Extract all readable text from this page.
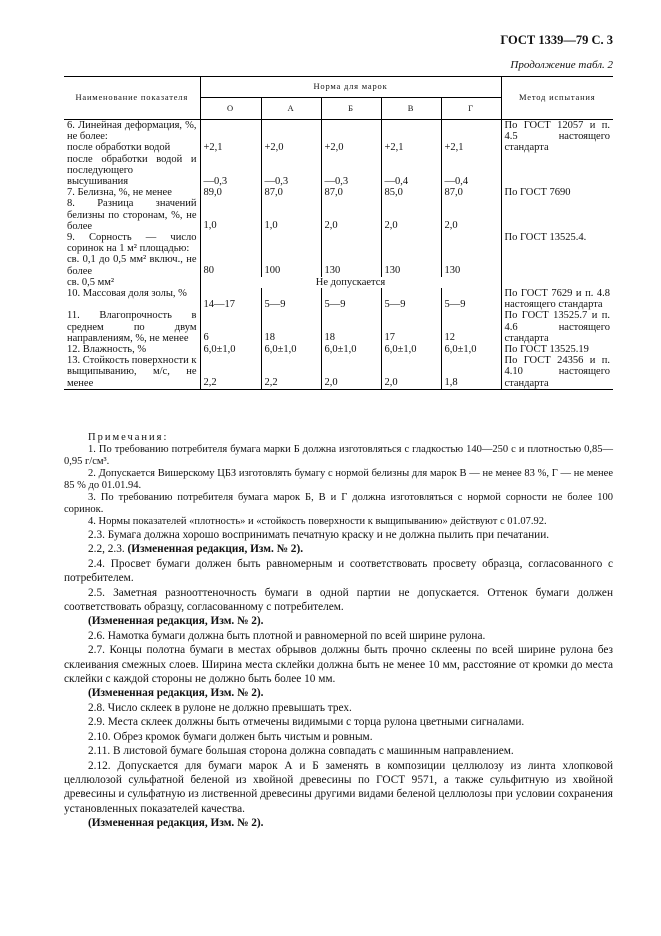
ГОСТ 1339—79 С. 3
Продолжение табл. 2
Наименование показателя	Норма для марок					Метод испытания
	О	А	Б	В	Г	

6. Линейная деформация, %, не более:
после обработки водой	+2,1	+2,0	+2,0	+2,1	+2,1	По ГОСТ 12057 и п. 4.5 настоящего стандарта

после обработки водой и последующего высушивания	—0,3	—0,3	—0,3	—0,4	—0,4	

7. Белизна, %, не менее	89,0	87,0	87,0	85,0	87,0	По ГОСТ 7690

8. Разница значений белизны по сторонам, %, не более	1,0	1,0	2,0	2,0	2,0	

9. Сорность — число соринок на 1 м² площадью:
св. 0,1 до 0,5 мм² включ., не более	80	100	130	130	130	По ГОСТ 13525.4.

св. 0,5 мм²	Не допускается					

10. Массовая доля золы, %	14—17	5—9	5—9	5—9	5—9	По ГОСТ 7629 и п. 4.8 настоящего стандарта

11. Влагопрочность в среднем по двум направлениям, %, не менее	6	18	18	17	12	По ГОСТ 13525.7 и п. 4.6 настоящего стандарта

12. Влажность, %	6,0±1,0	6,0±1,0	6,0±1,0	6,0±1,0	6,0±1,0	По ГОСТ 13525.19

13. Стойкость поверхности к выщипыванию, м/с, не менее	2,2	2,2	2,0	2,0	1,8	По ГОСТ 24356 и п. 4.10 настоящего стандарта
Примечания:

1. По требованию потребителя бумага марки Б должна изготовляться с гладкостью 140—250 с и плотностью 0,85—0,95 г/см³.

2. Допускается Вишерскому ЦБЗ изготовлять бумагу с нормой белизны для марок В — не менее 83 %, Г — не менее 85 % до 01.01.94.

3. По требованию потребителя бумага марок Б, В и Г должна изготовляться с нормой сорности не более 100 соринок.

4. Нормы показателей «плотность» и «стойкость поверхности к выщипыванию» действуют с 01.07.92.

2.3. Бумага должна хорошо воспринимать печатную краску и не должна пылить при печатании.

2.2, 2.3. (Измененная редакция, Изм. № 2).

2.4. Просвет бумаги должен быть равномерным и соответствовать просвету образца, согласованного с потребителем.

2.5. Заметная разнооттеночность бумаги в одной партии не допускается. Оттенок бумаги должен соответствовать образцу, согласованному с потребителем.

(Измененная редакция, Изм. № 2).

2.6. Намотка бумаги должна быть плотной и равномерной по всей ширине рулона.

2.7. Концы полотна бумаги в местах обрывов должны быть прочно склеены по всей ширине рулона без склеивания смежных слоев. Ширина места склейки должна быть не менее 10 мм, расстояние от кромки до места склейки с каждой стороны не должно быть более 10 мм.

(Измененная редакция, Изм. № 2).

2.8. Число склеек в рулоне не должно превышать трех.

2.9. Места склеек должны быть отмечены видимыми с торца рулона цветными сигналами.

2.10. Обрез кромок бумаги должен быть чистым и ровным.

2.11. В листовой бумаге большая сторона должна совпадать с машинным направлением.

2.12. Допускается для бумаги марок А и Б заменять в композиции целлюлозу из линта хлопковой целлюлозой сульфатной беленой из хвойной древесины по ГОСТ 9571, а также сульфитную из хвойной древесины и сульфатную из лиственной древесины другими видами беленой целлюлозы при условии сохранения установленных показателей качества.

(Измененная редакция, Изм. № 2).
